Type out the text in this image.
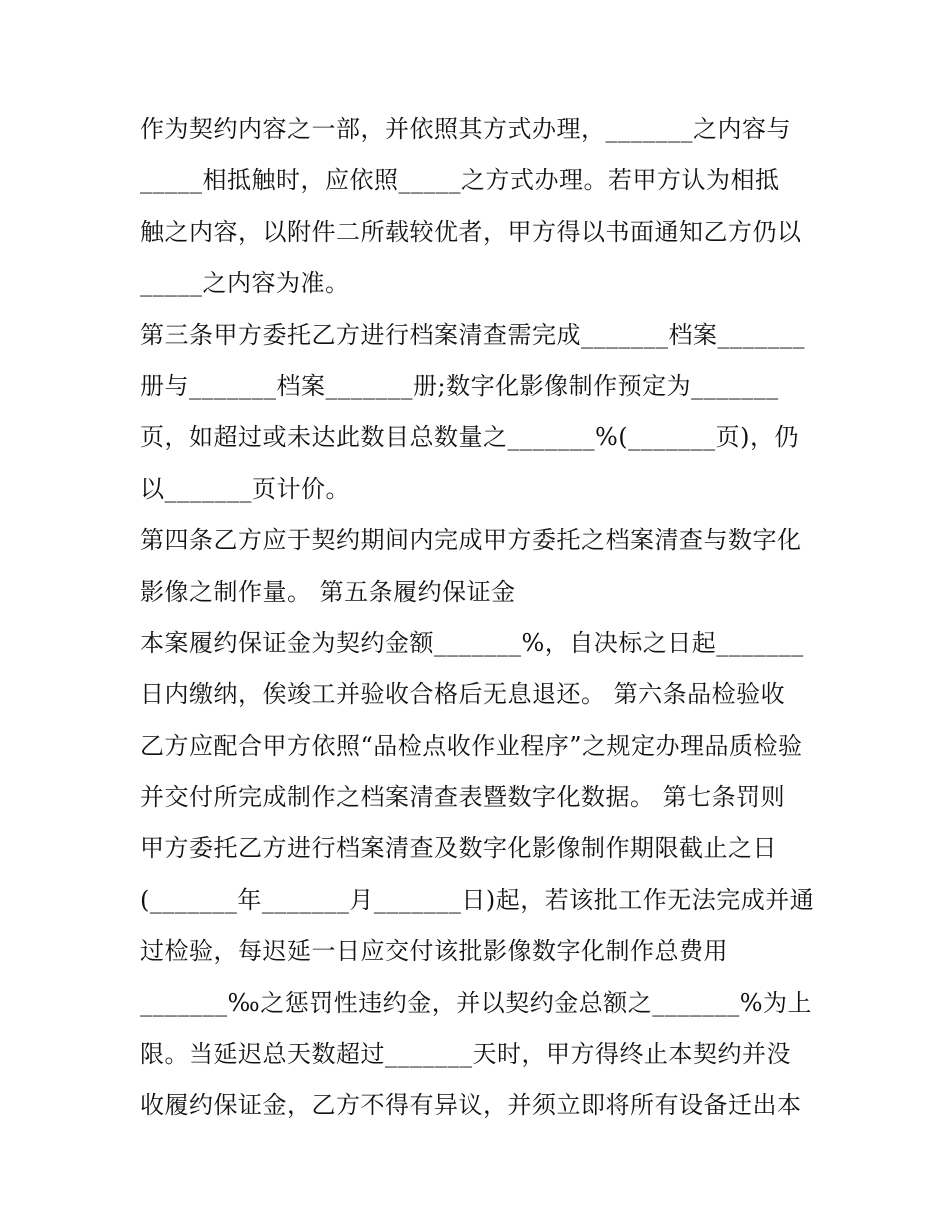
作为契约内容之一部，并依照其方式办理，_______之内容与
_____相抵触时，应依照_____之方式办理。若甲方认为相抵
触之内容，以附件二所载较优者，甲方得以书面通知乙方仍以
_____之内容为准。
第三条甲方委托乙方进行档案清查需完成_______档案_______
册与_______档案_______册;数字化影像制作预定为_______
页，如超过或未达此数目总数量之_______%(_______页)，仍
以_______页计价。
第四条乙方应于契约期间内完成甲方委托之档案清查与数字化
影像之制作量。 第五条履约保证金
本案履约保证金为契约金额_______%，自决标之日起_______
日内缴纳，俟竣工并验收合格后无息退还。 第六条品检验收
乙方应配合甲方依照“品检点收作业程序”之规定办理品质检验
并交付所完成制作之档案清查表暨数字化数据。 第七条罚则
甲方委托乙方进行档案清查及数字化影像制作期限截止之日
(_______年_______月_______日)起，若该批工作无法完成并通
过检验，每迟延一日应交付该批影像数字化制作总费用
_______‰之惩罚性违约金，并以契约金总额之_______%为上
限。当延迟总天数超过_______天时，甲方得终止本契约并没
收履约保证金，乙方不得有异议，并须立即将所有设备迁出本
